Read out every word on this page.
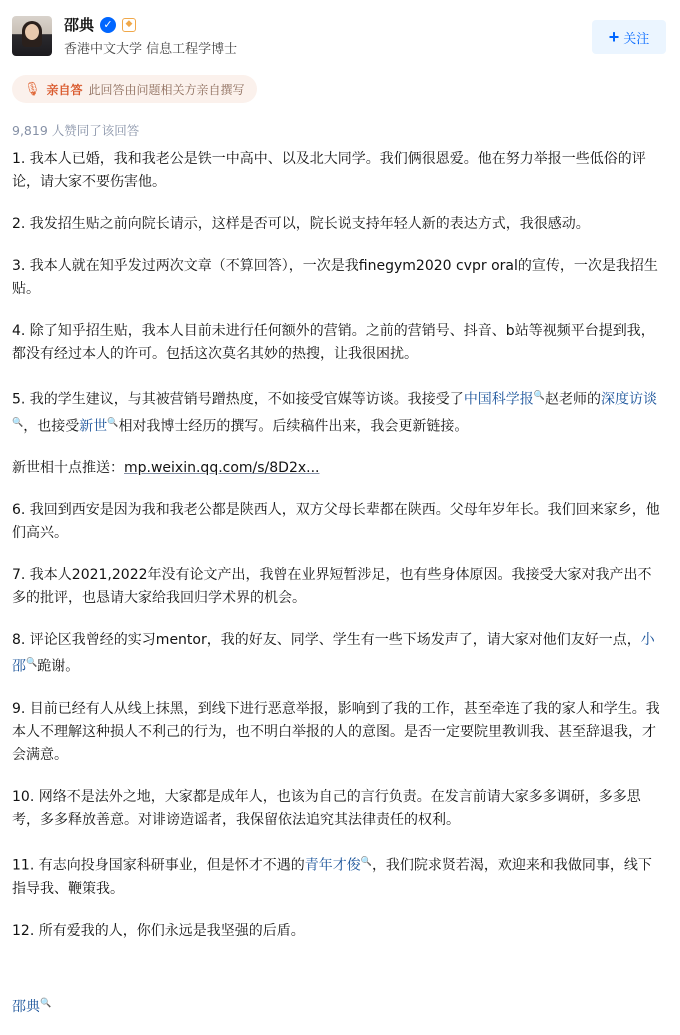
邵典 ✓	◆
香港中文大学 信息工程学博士
+ 关注
🎙 亲自答 此回答由问题相关方亲自撰写
9,819 人赞同了该回答

1. 我本人已婚，我和我老公是铁一中高中、以及北大同学。我们俩很恩爱。他在努力举报一些低俗的评论，请大家不要伤害他。

2. 我发招生贴之前向院长请示，这样是否可以，院长说支持年轻人新的表达方式，我很感动。

3. 我本人就在知乎发过两次文章（不算回答），一次是我finegym2020 cvpr oral的宣传，一次是我招生贴。

4. 除了知乎招生贴，我本人目前未进行任何额外的营销。之前的营销号、抖音、b站等视频平台提到我，都没有经过本人的许可。包括这次莫名其妙的热搜，让我很困扰。

5. 我的学生建议，与其被营销号蹭热度，不如接受官媒等访谈。我接受了中国科学报🔍赵老师的深度访谈🔍，也接受新世🔍相对我博士经历的撰写。后续稿件出来，我会更新链接。

新世相十点推送：mp.weixin.qq.com/s/8D2x...

6. 我回到西安是因为我和我老公都是陕西人，双方父母长辈都在陕西。父母年岁年长。我们回来家乡，他们高兴。

7. 我本人2021,2022年没有论文产出，我曾在业界短暂涉足，也有些身体原因。我接受大家对我产出不多的批评，也恳请大家给我回归学术界的机会。

8. 评论区我曾经的实习mentor，我的好友、同学、学生有一些下场发声了，请大家对他们友好一点，小邵🔍跪谢。

9. 目前已经有人从线上抹黑，到线下进行恶意举报，影响到了我的工作，甚至牵连了我的家人和学生。我本人不理解这种损人不利己的行为，也不明白举报的人的意图。是否一定要院里教训我、甚至辞退我，才会满意。

10. 网络不是法外之地，大家都是成年人，也该为自己的言行负责。在发言前请大家多多调研，多多思考，多多释放善意。对诽谤造谣者，我保留依法追究其法律责任的权利。

11. 有志向投身国家科研事业，但是怀才不遇的青年才俊🔍，我们院求贤若渴，欢迎来和我做同事，线下指导我、鞭策我。

12. 所有爱我的人，你们永远是我坚强的后盾。

邵典🔍
